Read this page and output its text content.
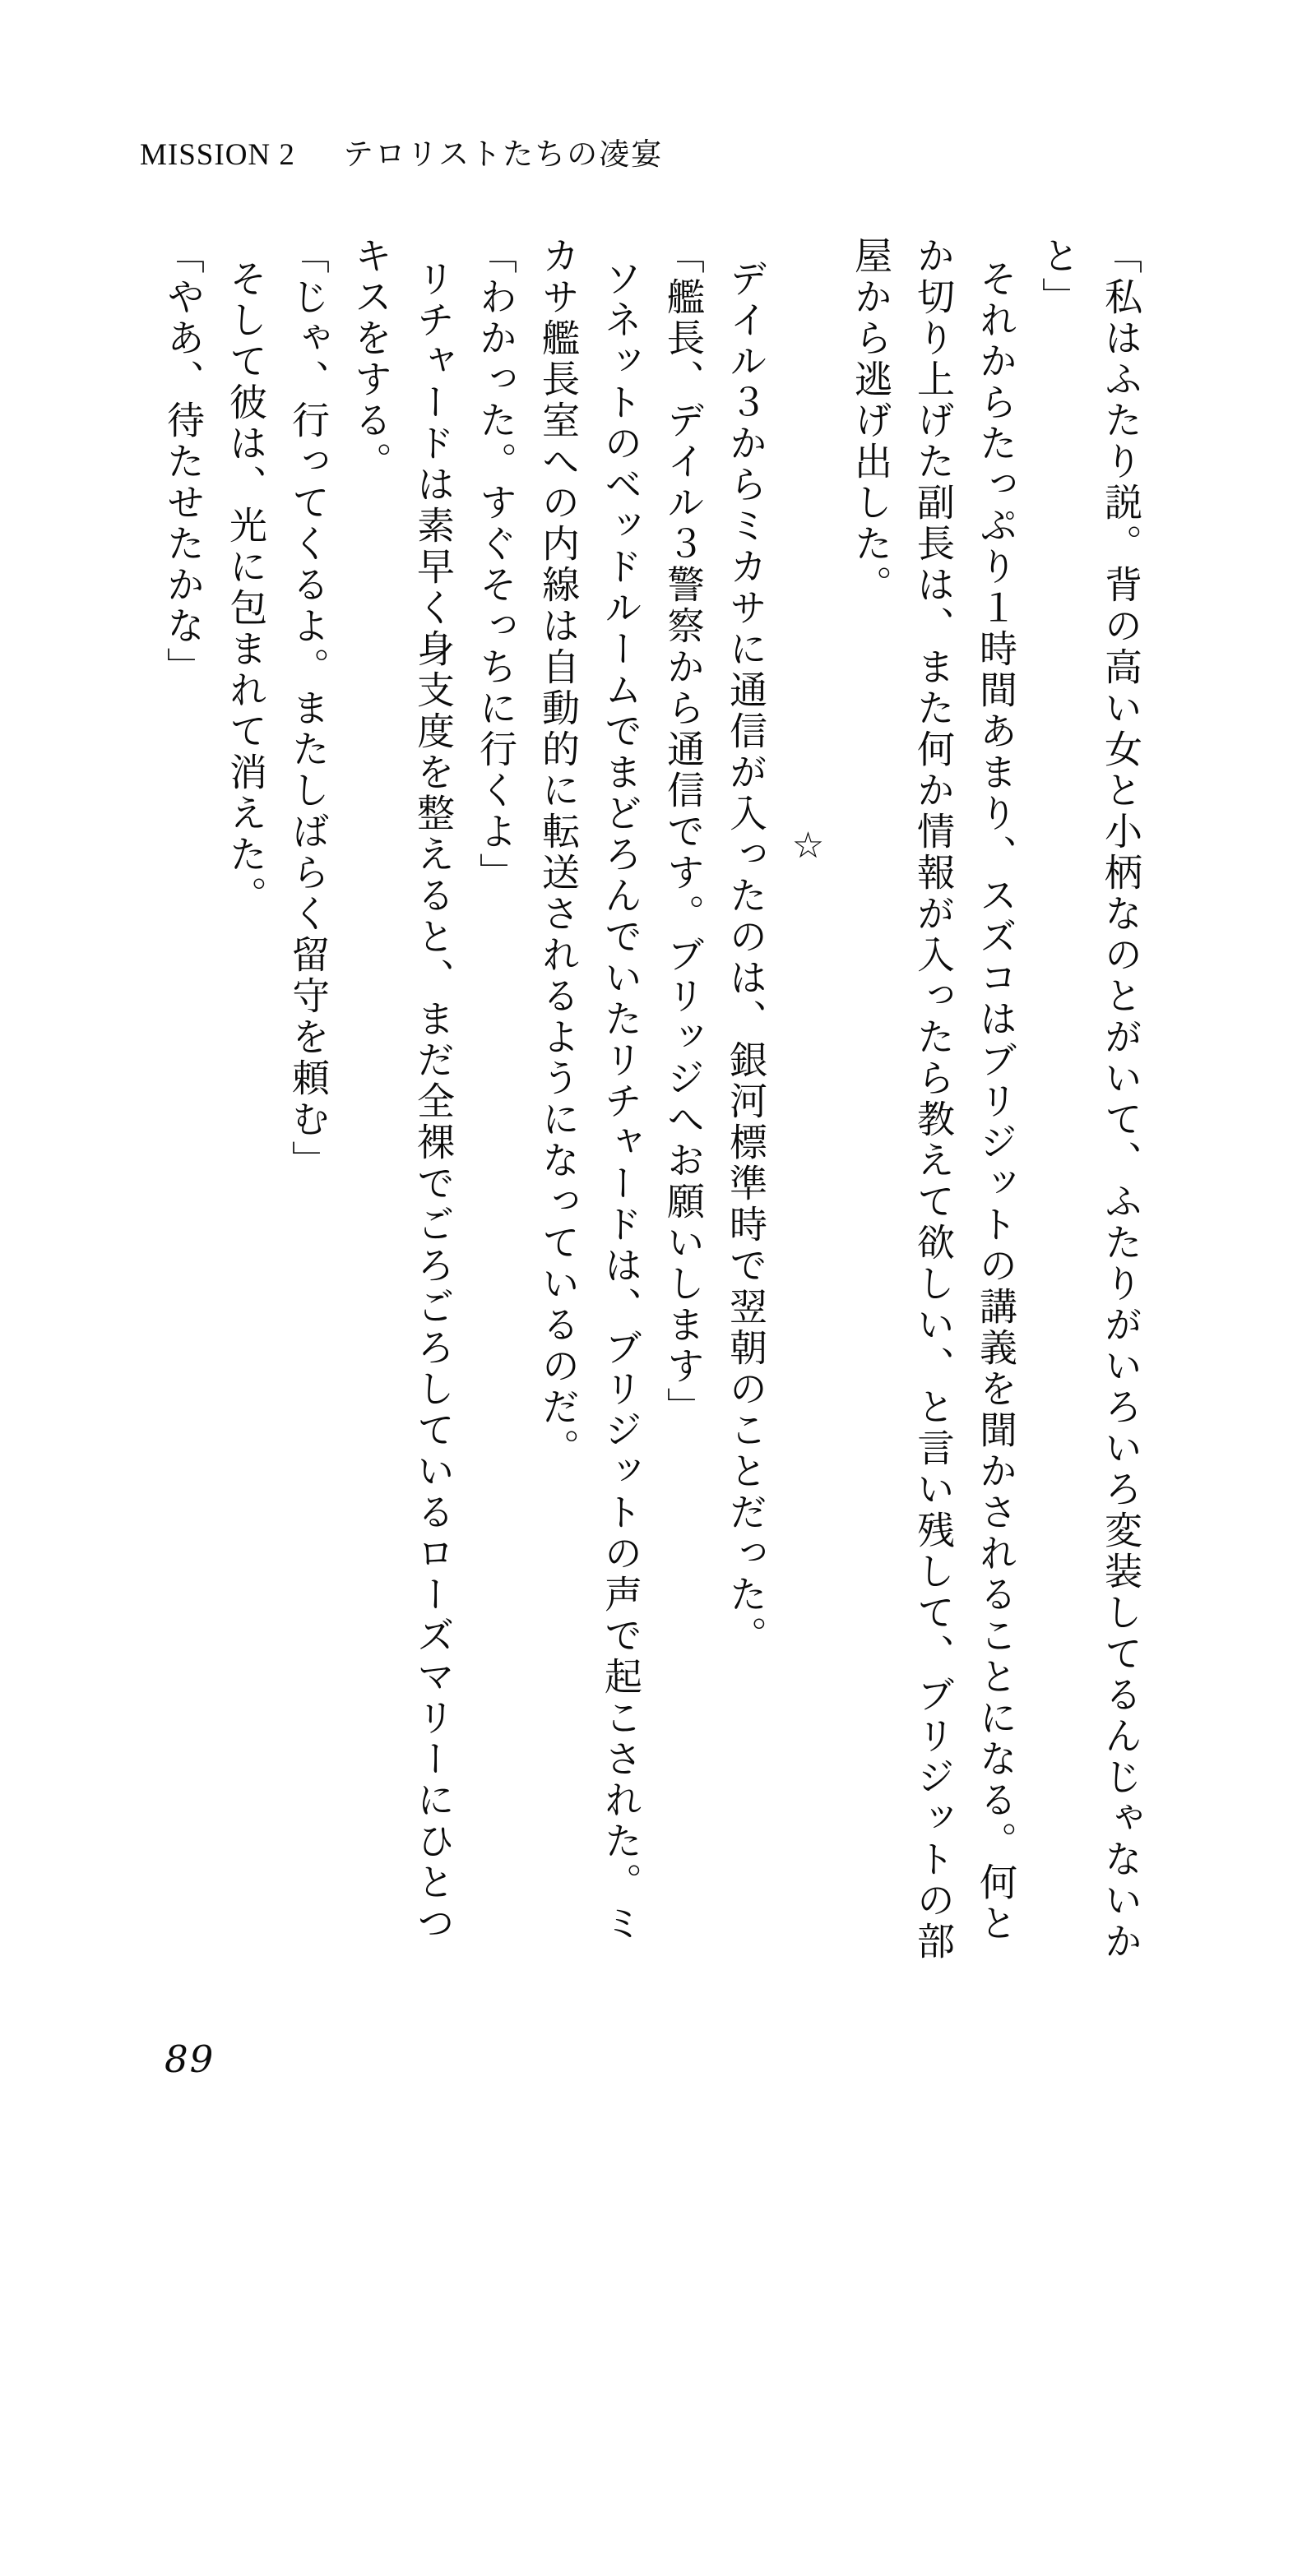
MISSION 2 テロリストたちの凌宴
「私はふたり説。背の高い女と小柄なのとがいて、ふたりがいろいろ変装してるんじゃないか
と」
それからたっぷり１時間あまり、スズコはブリジットの講義を聞かされることになる。何と
か切り上げた副長は、また何か情報が入ったら教えて欲しい、と言い残して、ブリジットの部
屋から逃げ出した。
☆
デイル３からミカサに通信が入ったのは、銀河標準時で翌朝のことだった。
「艦長、デイル３警察から通信です。ブリッジへお願いします」
ソネットのベッドルームでまどろんでいたリチャードは、ブリジットの声で起こされた。ミ
カサ艦長室への内線は自動的に転送されるようになっているのだ。
「わかった。すぐそっちに行くよ」
リチャードは素早く身支度を整えると、まだ全裸でごろごろしているローズマリーにひとつ
キスをする。
「じゃ、行ってくるよ。またしばらく留守を頼む」
そして彼は、光に包まれて消えた。
「やあ、待たせたかな」
89
